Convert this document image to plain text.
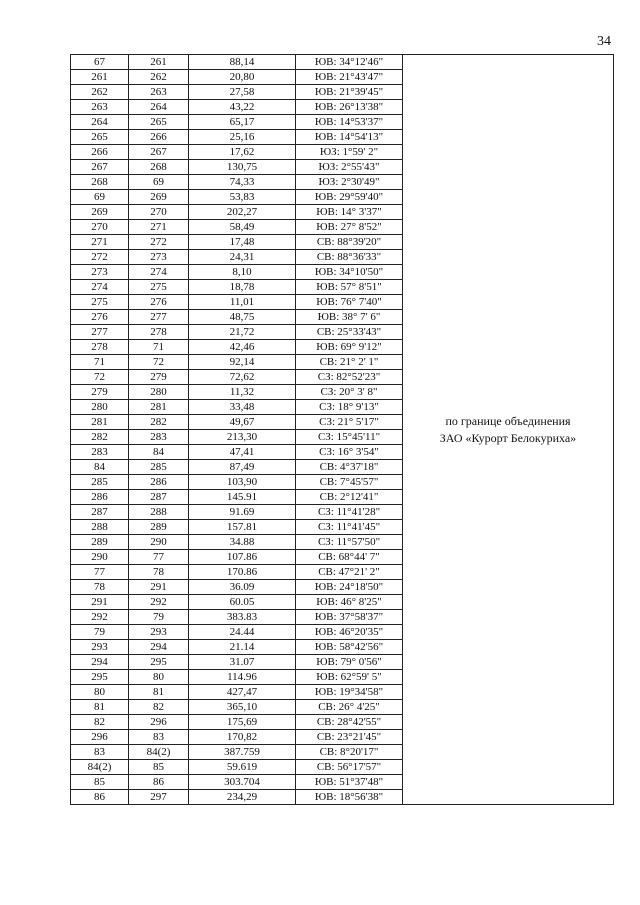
34
67	261	88,14	ЮВ: 34°12'46"	по границе объединения
ЗАО «Курорт Белокуриха»

261	262	20,80	ЮВ: 21°43'47"	
262	263	27,58	ЮВ: 21°39'45"	
263	264	43,22	ЮВ: 26°13'38"	
264	265	65,17	ЮВ: 14°53'37"	
265	266	25,16	ЮВ: 14°54'13"	
266	267	17,62	ЮЗ: 1°59' 2"	
267	268	130,75	ЮЗ: 2°55'43"	
268	69	74,33	ЮЗ: 2°30'49"	
69	269	53,83	ЮВ: 29°59'40"	
269	270	202,27	ЮВ: 14° 3'37"	
270	271	58,49	ЮВ: 27° 8'52"	
271	272	17,48	СВ: 88°39'20"	
272	273	24,31	СВ: 88°36'33"	
273	274	8,10	ЮВ: 34°10'50"	
274	275	18,78	ЮВ: 57° 8'51"	
275	276	11,01	ЮВ: 76° 7'40"	
276	277	48,75	ЮВ: 38° 7' 6"	
277	278	21,72	СВ: 25°33'43"	
278	71	42,46	ЮВ: 69° 9'12"	
71	72	92,14	СВ: 21° 2' 1"	
72	279	72,62	СЗ: 82°52'23"	
279	280	11,32	СЗ: 20° 3' 8"	
280	281	33,48	СЗ: 18° 9'13"	
281	282	49,67	СЗ: 21° 5'17"	
282	283	213,30	СЗ: 15°45'11"	
283	84	47,41	СЗ: 16° 3'54"	
84	285	87,49	СВ: 4°37'18"	
285	286	103,90	СВ: 7°45'57"	
286	287	145.91	СВ: 2°12'41"	
287	288	91.69	СЗ: 11°41'28"	
288	289	157.81	СЗ: 11°41'45"	
289	290	34.88	СЗ: 11°57'50"	
290	77	107.86	СВ: 68°44' 7"	
77	78	170.86	СВ: 47°21' 2"	
78	291	36.09	ЮВ: 24°18'50"	
291	292	60.05	ЮВ: 46° 8'25"	
292	79	383.83	ЮВ: 37°58'37"	
79	293	24.44	ЮВ: 46°20'35"	
293	294	21.14	ЮВ: 58°42'56"	
294	295	31.07	ЮВ: 79° 0'56"	
295	80	114.96	ЮВ: 62°59' 5"	
80	81	427,47	ЮВ: 19°34'58"	
81	82	365,10	СВ: 26° 4'25"	
82	296	175,69	СВ: 28°42'55"	
296	83	170,82	СВ: 23°21'45"	
83	84(2)	387.759	СВ: 8°20'17"	
84(2)	85	59.619	СВ: 56°17'57"	
85	86	303.704	ЮВ: 51°37'48"	
86	297	234,29	ЮВ: 18°56'38"	
